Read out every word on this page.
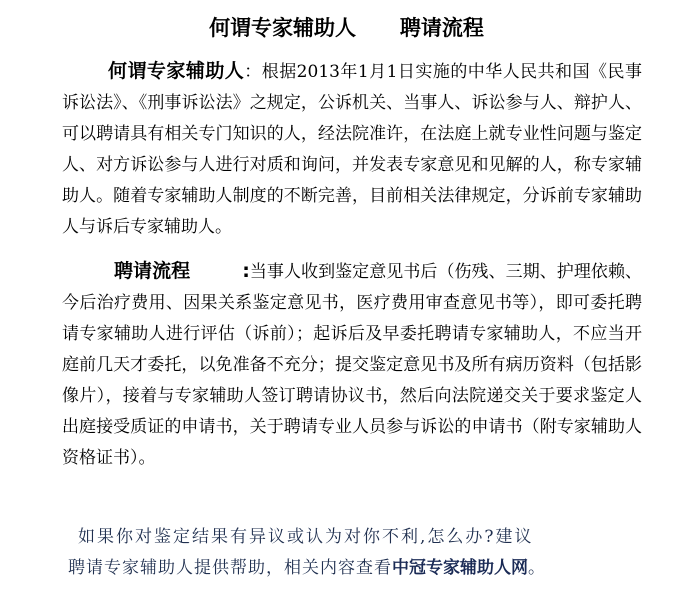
何谓专家辅助人      聘请流程
何谓专家辅助人：根据2013年1月1日实施的中华人民共和国《民事诉讼法》、《刑事诉讼法》之规定，公诉机关、当事人、诉讼参与人、辩护人、可以聘请具有相关专门知识的人，经法院准许，在法庭上就专业性问题与鉴定人、对方诉讼参与人进行对质和询问，并发表专家意见和见解的人，称专家辅助人。随着专家辅助人制度的不断完善，目前相关法律规定，分诉前专家辅助人与诉后专家辅助人。
聘请流程	:当事人收到鉴定意见书后（伤残、三期、护理依赖、今后治疗费用、因果关系鉴定意见书，医疗费用审查意见书等），即可委托聘请专家辅助人进行评估（诉前）；起诉后及早委托聘请专家辅助人，不应当开庭前几天才委托，以免准备不充分；提交鉴定意见书及所有病历资料（包括影像片），接着与专家辅助人签订聘请协议书，然后向法院递交关于要求鉴定人出庭接受质证的申请书，关于聘请专业人员参与诉讼的申请书（附专家辅助人资格证书）。
如果你对鉴定结果有异议或认为对你不利,怎么办?建议
聘请专家辅助人提供帮助，相关内容查看中冠专家辅助人网。
